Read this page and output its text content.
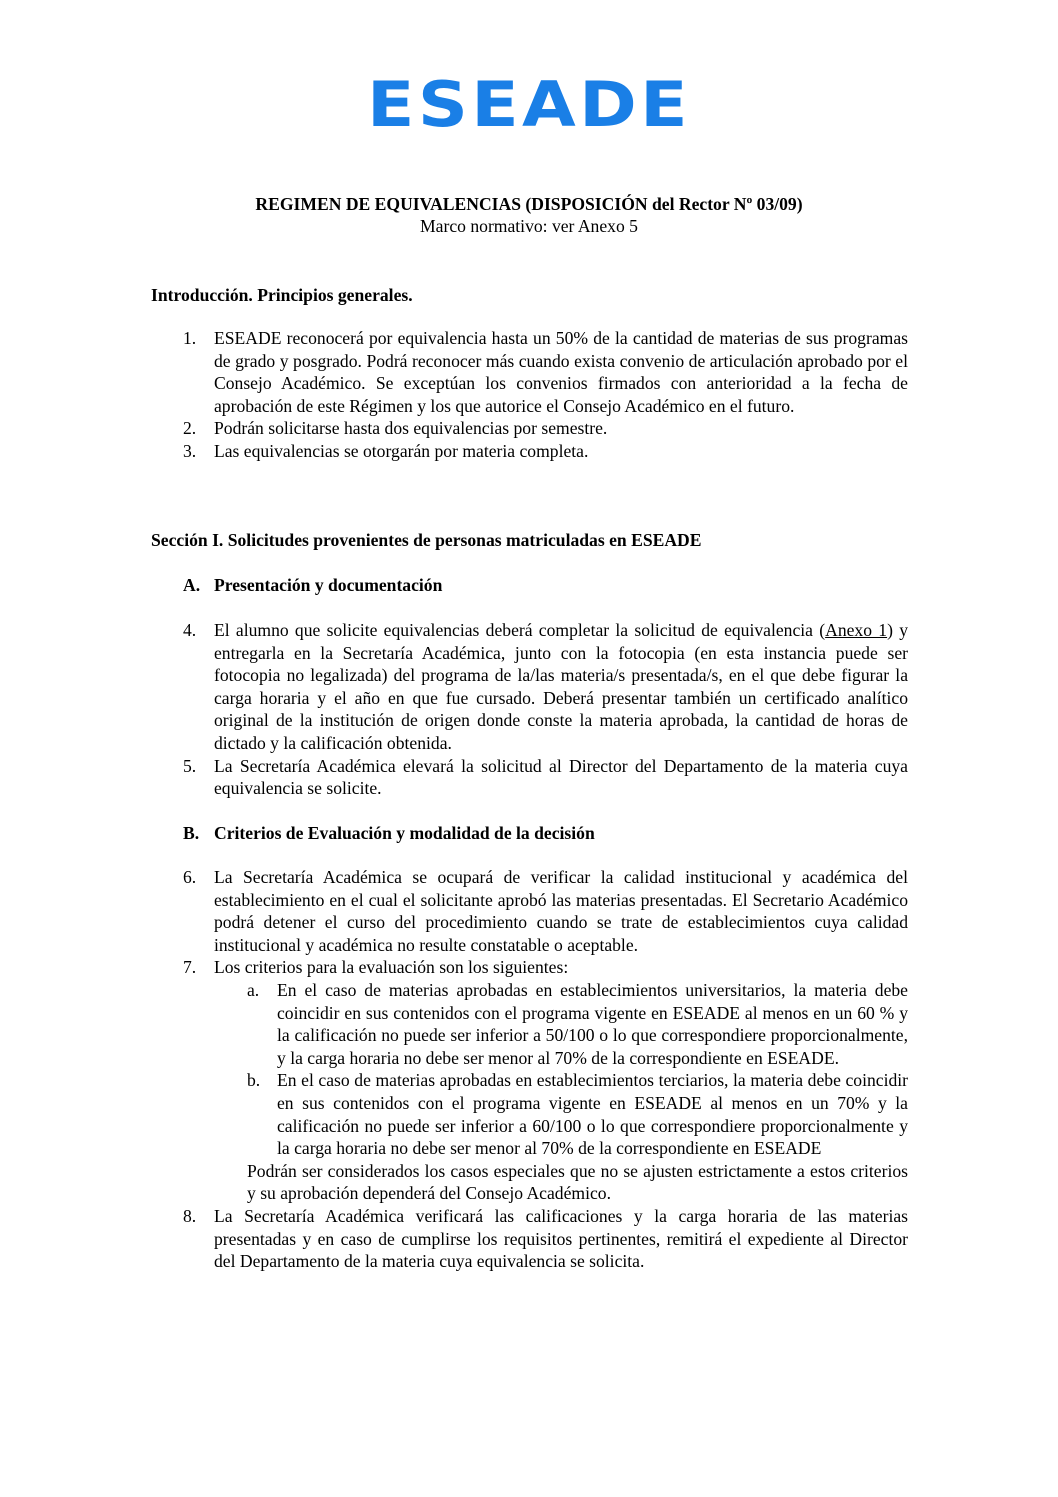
ESEADE
REGIMEN DE EQUIVALENCIAS (DISPOSICIÓN del Rector Nº 03/09)
Marco normativo: ver Anexo 5
Introducción. Principios generales.
1. ESEADE reconocerá por equivalencia hasta un 50% de la cantidad de materias de sus programas de grado y posgrado. Podrá reconocer más cuando exista convenio de articulación aprobado por el Consejo Académico. Se exceptúan los convenios firmados con anterioridad a la fecha de aprobación de este Régimen y los que autorice el Consejo Académico en el futuro.
2. Podrán solicitarse hasta dos equivalencias por semestre.
3. Las equivalencias se otorgarán por materia completa.
Sección I. Solicitudes provenientes de personas matriculadas en ESEADE
A. Presentación y documentación
4. El alumno que solicite equivalencias deberá completar la solicitud de equivalencia (Anexo 1) y entregarla en la Secretaría Académica, junto con la fotocopia (en esta instancia puede ser fotocopia no legalizada) del programa de la/las materia/s presentada/s, en el que debe figurar la carga horaria y el año en que fue cursado. Deberá presentar también un certificado analítico original de la institución de origen donde conste la materia aprobada, la cantidad de horas de dictado y la calificación obtenida.
5. La Secretaría Académica elevará la solicitud al Director del Departamento de la materia cuya equivalencia se solicite.
B. Criterios de Evaluación y modalidad de la decisión
6. La Secretaría Académica se ocupará de verificar la calidad institucional y académica del establecimiento en el cual el solicitante aprobó las materias presentadas. El Secretario Académico podrá detener el curso del procedimiento cuando se trate de establecimientos cuya calidad institucional y académica no resulte constatable o aceptable.
7. Los criterios para la evaluación son los siguientes:
a. En el caso de materias aprobadas en establecimientos universitarios, la materia debe coincidir en sus contenidos con el programa vigente en ESEADE al menos en un 60 % y la calificación no puede ser inferior a 50/100 o lo que correspondiere proporcionalmente, y la carga horaria no debe ser menor al 70% de la correspondiente en ESEADE.
b. En el caso de materias aprobadas en establecimientos terciarios, la materia debe coincidir en sus contenidos con el programa vigente en ESEADE al menos en un 70% y la calificación no puede ser inferior a 60/100 o lo que correspondiere proporcionalmente y la carga horaria no debe ser menor al 70% de la correspondiente en ESEADE
Podrán ser considerados los casos especiales que no se ajusten estrictamente a estos criterios y su aprobación dependerá del Consejo Académico.
8. La Secretaría Académica verificará las calificaciones y la carga horaria de las materias presentadas y en caso de cumplirse los requisitos pertinentes, remitirá el expediente al Director del Departamento de la materia cuya equivalencia se solicita.
